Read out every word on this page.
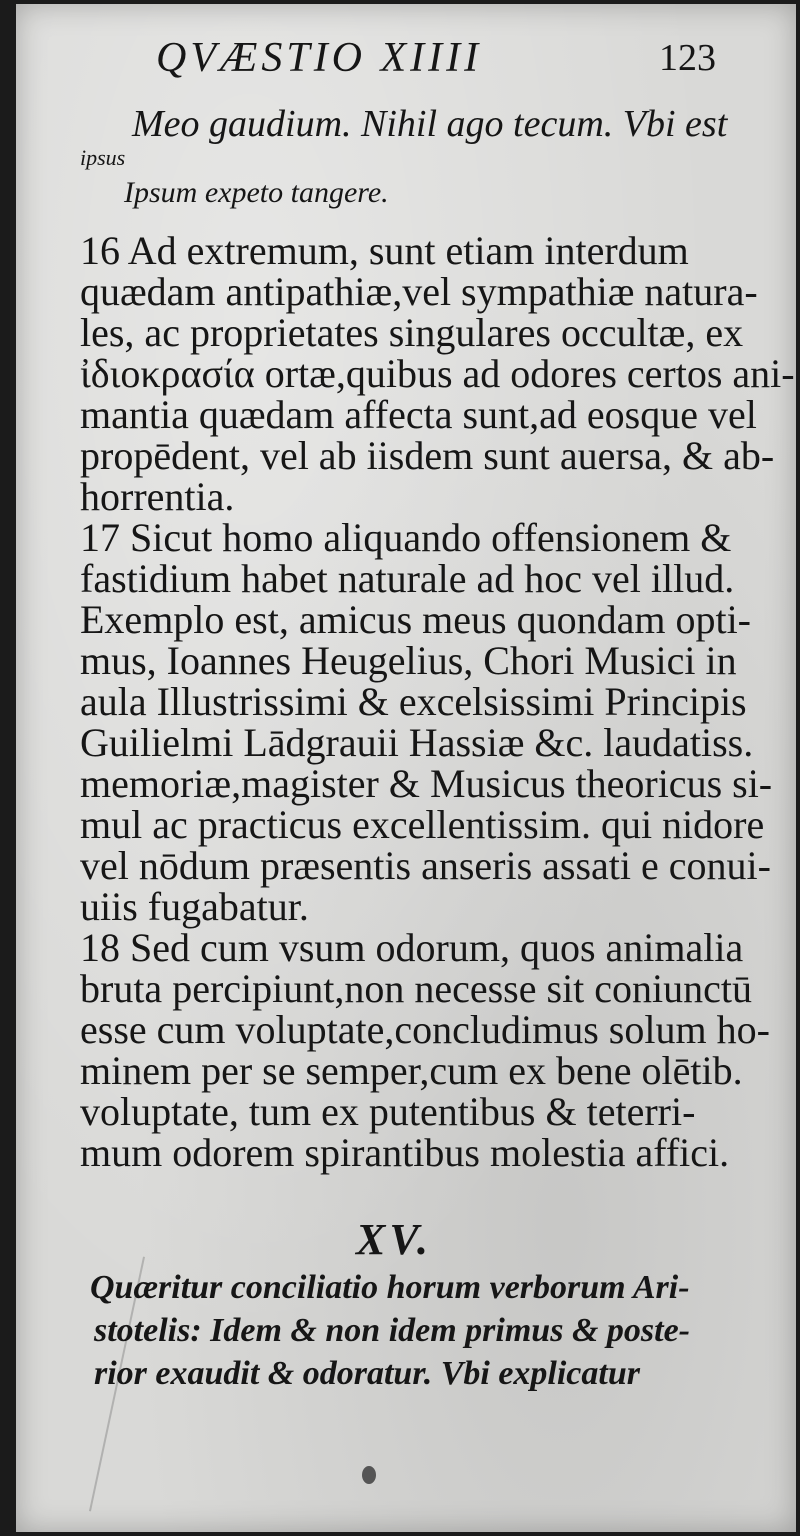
QVÆSTIO XIIII	123
Meo gaudium. Nihil ago tecum. Vbi est
ipsus
Ipsum expeto tangere.
16 Ad extremum, sunt etiam interdum
quædam antipathiæ,vel sympathiæ natura-
les, ac proprietates singulares occultæ, ex
ἰδιοκρασία ortæ,quibus ad odores certos ani-
mantia quædam affecta sunt,ad eosque vel
propēdent, vel ab iisdem sunt auersa, & ab-
horrentia.
17 Sicut homo aliquando offensionem &
fastidium habet naturale ad hoc vel illud.
Exemplo est, amicus meus quondam opti-
mus, Ioannes Heugelius, Chori Musici in
aula Illustrissimi & excelsissimi Principis
Guilielmi Lādgrauii Hassiæ &c. laudatiss.
memoriæ,magister & Musicus theoricus si-
mul ac practicus excellentissim. qui nidore
vel nōdum præsentis anseris assati e conui-
uiis fugabatur.
18 Sed cum vsum odorum, quos animalia
bruta percipiunt,non necesse sit coniunctū
esse cum voluptate,concludimus solum ho-
minem per se semper,cum ex bene olētib.
voluptate, tum ex putentibus & teterri-
mum odorem spirantibus molestia affici.
XV.
Quæritur conciliatio horum verborum Ari-
stotelis: Idem & non idem primus & poste-
rior exaudit & odoratur. Vbi explicatur
